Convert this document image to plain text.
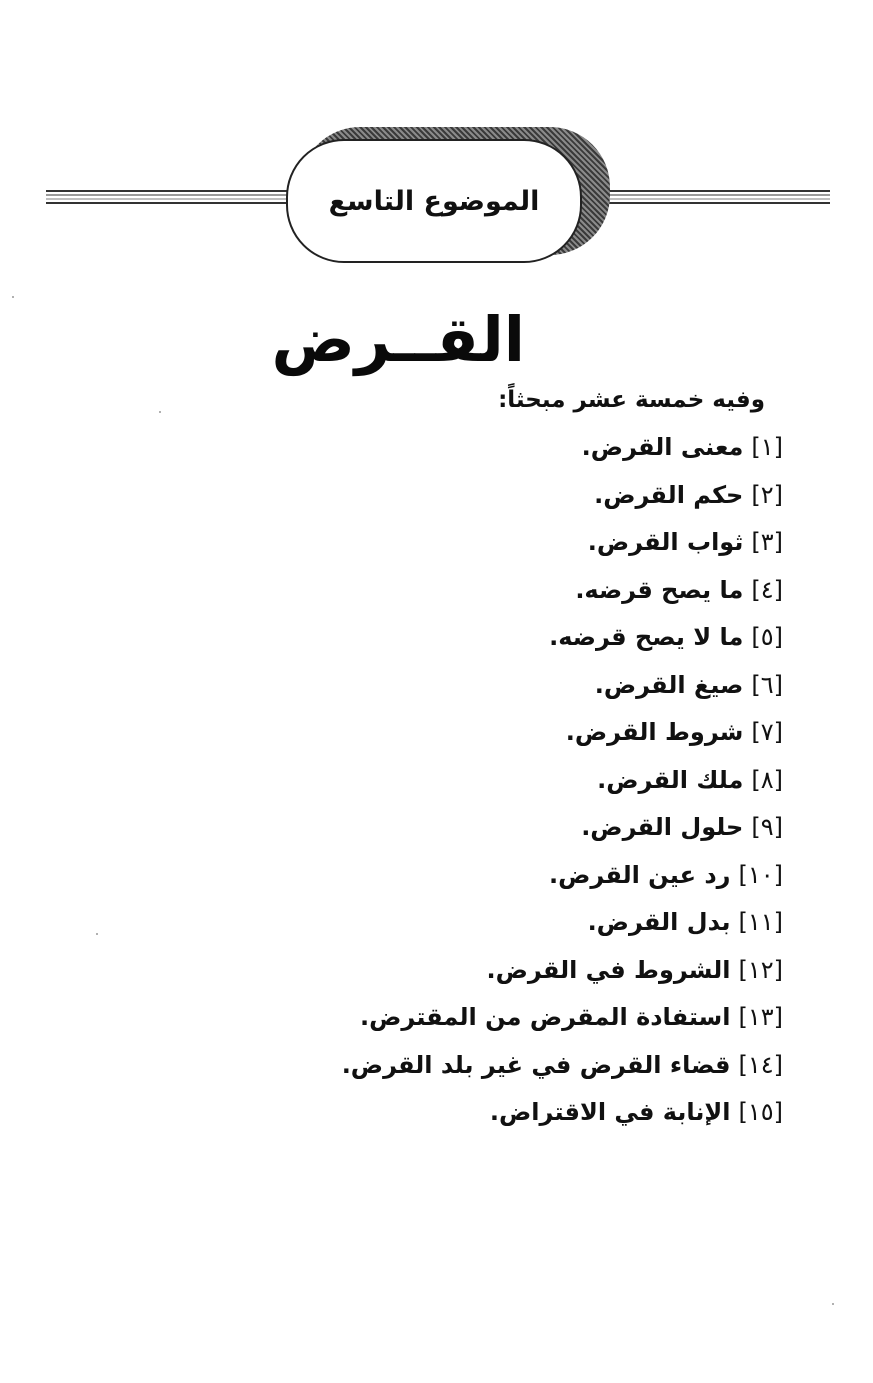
الموضوع التاسع
القــرض
وفيه خمسة عشر مبحثاً:
[١]معنى القرض.
[٢]حكم القرض.
[٣]ثواب القرض.
[٤]ما يصح قرضه.
[٥]ما لا يصح قرضه.
[٦]صيغ القرض.
[٧]شروط القرض.
[٨]ملك القرض.
[٩]حلول القرض.
[١٠]رد عين القرض.
[١١]بدل القرض.
[١٢]الشروط في القرض.
[١٣]استفادة المقرض من المقترض.
[١٤]قضاء القرض في غير بلد القرض.
[١٥]الإنابة في الاقتراض.
